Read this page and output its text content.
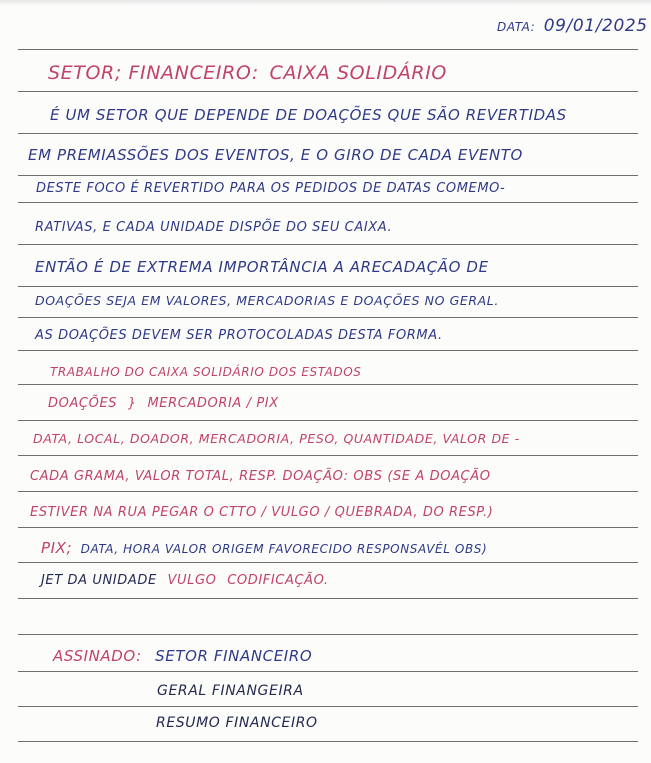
DATA: 09/01/2025
SETOR; FINANCEIRO: CAIXA SOLIDÁRIO
É UM SETOR QUE DEPENDE DE DOAÇÕES QUE SÃO REVERTIDAS
EM PREMIASSÕES DOS EVENTOS, E O GIRO DE CADA EVENTO
DESTE FOCO É REVERTIDO PARA OS PEDIDOS DE DATAS COMEMO-
RATIVAS, E CADA UNIDADE DISPÕE DO SEU CAIXA.
ENTÃO É DE EXTREMA IMPORTÂNCIA A ARECADAÇÃO DE
DOAÇÕES SEJA EM VALORES, MERCADORIAS E DOAÇÕES NO GERAL.
AS DOAÇÕES DEVEM SER PROTOCOLADAS DESTA FORMA.
TRABALHO DO CAIXA SOLIDÁRIO DOS ESTADOS
DOAÇÕES } MERCADORIA / PIX
DATA, LOCAL, DOADOR, MERCADORIA, PESO, QUANTIDADE, VALOR DE -
CADA GRAMA, VALOR TOTAL, RESP. DOAÇÃO: OBS (SE A DOAÇÃO
ESTIVER NA RUA PEGAR O CTTO / VULGO / QUEBRADA, DO RESP.)
PIX; DATA, HORA VALOR ORIGEM FAVORECIDO RESPONSAVÉL OBS)
JET DA UNIDADE VULGO CODIFICAÇÃO.
ASSINADO: SETOR FINANCEIRO
GERAL FINANGEIRA
RESUMO FINANCEIRO
